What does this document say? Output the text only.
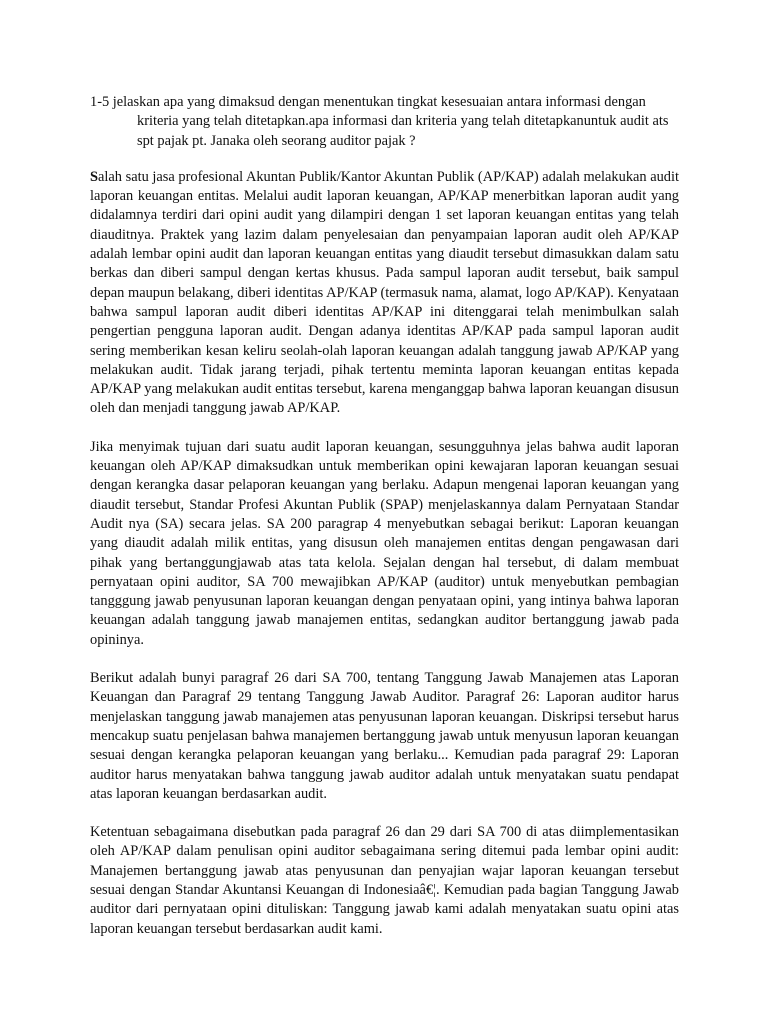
1-5 jelaskan apa yang dimaksud dengan menentukan tingkat kesesuaian antara informasi dengan kriteria yang telah ditetapkan.apa informasi dan kriteria yang telah ditetapkanuntuk audit ats spt pajak pt. Janaka oleh seorang auditor pajak ?

Salah satu jasa profesional Akuntan Publik/Kantor Akuntan Publik (AP/KAP) adalah melakukan audit laporan keuangan entitas. Melalui audit laporan keuangan, AP/KAP menerbitkan laporan audit yang didalamnya terdiri dari opini audit yang dilampiri dengan 1 set laporan keuangan entitas yang telah diauditnya. Praktek yang lazim dalam penyelesaian dan penyampaian laporan audit oleh AP/KAP adalah lembar opini audit dan laporan keuangan entitas yang diaudit tersebut dimasukkan dalam satu berkas dan diberi sampul dengan kertas khusus. Pada sampul laporan audit tersebut, baik sampul depan maupun belakang, diberi identitas AP/KAP (termasuk nama, alamat, logo AP/KAP). Kenyataan bahwa sampul laporan audit diberi identitas AP/KAP ini ditenggarai telah menimbulkan salah pengertian pengguna laporan audit. Dengan adanya identitas AP/KAP pada sampul laporan audit sering memberikan kesan keliru seolah-olah laporan keuangan adalah tanggung jawab AP/KAP yang melakukan audit. Tidak jarang terjadi, pihak tertentu meminta laporan keuangan entitas kepada AP/KAP yang melakukan audit entitas tersebut, karena menganggap bahwa laporan keuangan disusun oleh dan menjadi tanggung jawab AP/KAP.

Jika menyimak tujuan dari suatu audit laporan keuangan, sesungguhnya jelas bahwa audit laporan keuangan oleh AP/KAP dimaksudkan untuk memberikan opini kewajaran laporan keuangan sesuai dengan kerangka dasar pelaporan keuangan yang berlaku. Adapun mengenai laporan keuangan yang diaudit tersebut, Standar Profesi Akuntan Publik (SPAP) menjelaskannya dalam Pernyataan Standar Audit nya (SA) secara jelas. SA 200 paragrap 4 menyebutkan sebagai berikut: Laporan keuangan yang diaudit adalah milik entitas, yang disusun oleh manajemen entitas dengan pengawasan dari pihak yang bertanggungjawab atas tata kelola. Sejalan dengan hal tersebut, di dalam membuat pernyataan opini auditor, SA 700 mewajibkan AP/KAP (auditor) untuk menyebutkan pembagian tangggung jawab penyusunan laporan keuangan dengan penyataan opini, yang intinya bahwa laporan keuangan adalah tanggung jawab manajemen entitas, sedangkan auditor bertanggung jawab pada opininya.

Berikut adalah bunyi paragraf 26 dari SA 700, tentang Tanggung Jawab Manajemen atas Laporan Keuangan dan Paragraf 29 tentang Tanggung Jawab Auditor. Paragraf 26: Laporan auditor harus menjelaskan tanggung jawab manajemen atas penyusunan laporan keuangan. Diskripsi tersebut harus mencakup suatu penjelasan bahwa manajemen bertanggung jawab untuk menyusun laporan keuangan sesuai dengan kerangka pelaporan keuangan yang berlaku... Kemudian pada paragraf 29: Laporan auditor harus menyatakan bahwa tanggung jawab auditor adalah untuk menyatakan suatu pendapat atas laporan keuangan berdasarkan audit.

Ketentuan sebagaimana disebutkan pada paragraf 26 dan 29 dari SA 700 di atas diimplementasikan oleh AP/KAP dalam penulisan opini auditor sebagaimana sering ditemui pada lembar opini audit: Manajemen bertanggung jawab atas penyusunan dan penyajian wajar laporan keuangan tersebut sesuai dengan Standar Akuntansi Keuangan di Indonesiaâ€¦. Kemudian pada bagian Tanggung Jawab auditor dari pernyataan opini dituliskan: Tanggung jawab kami adalah menyatakan suatu opini atas laporan keuangan tersebut berdasarkan audit kami.
